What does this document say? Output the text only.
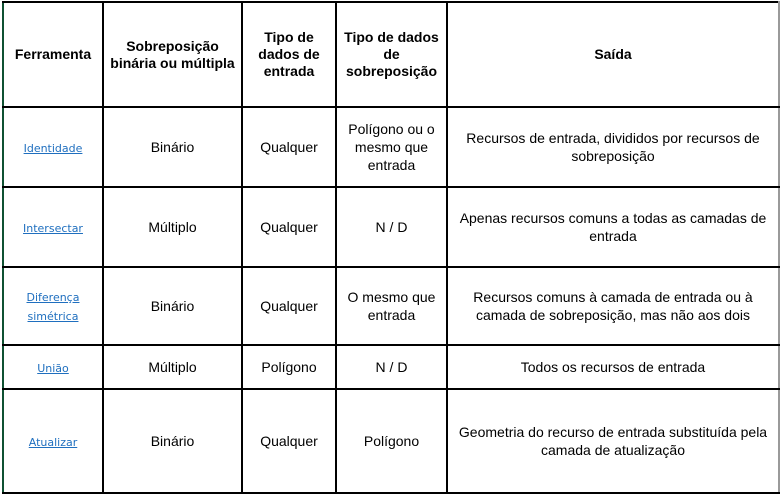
Ferramenta	Sobreposição binária ou múltipla	Tipo de dados de entrada	Tipo de dados de sobreposição	Saída
Identidade	Binário	Qualquer	Polígono ou o mesmo que entrada	Recursos de entrada, divididos por recursos de sobreposição
Intersectar	Múltiplo	Qualquer	N / D	Apenas recursos comuns a todas as camadas de entrada
Diferença simétrica	Binário	Qualquer	O mesmo que entrada	Recursos comuns à camada de entrada ou à camada de sobreposição, mas não aos dois
União	Múltiplo	Polígono	N / D	Todos os recursos de entrada
Atualizar	Binário	Qualquer	Polígono	Geometria do recurso de entrada substituída pela camada de atualização
